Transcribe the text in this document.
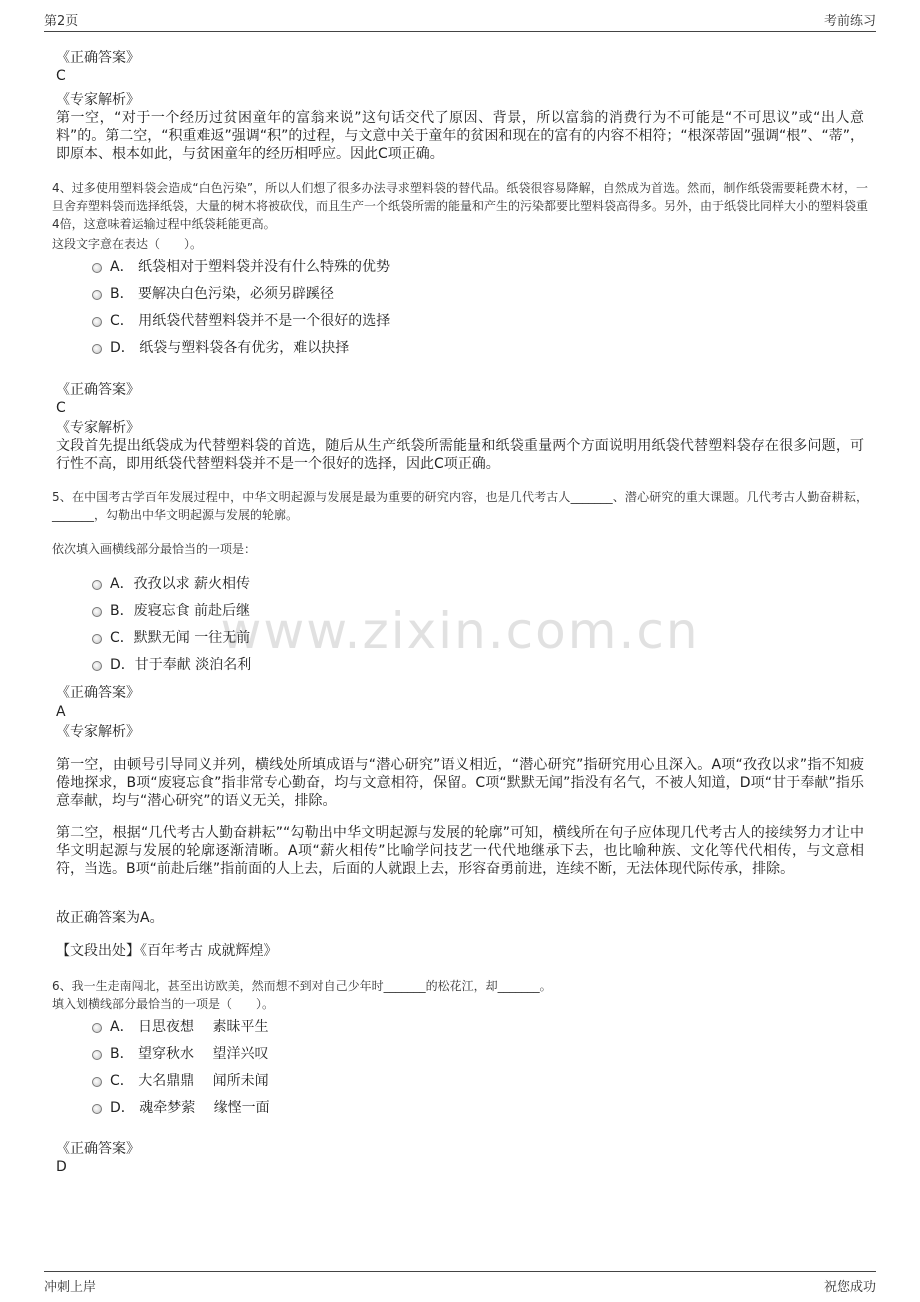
第2页	考前练习
www.zixin.com.cn
《正确答案》
C
《专家解析》

第一空，“对于一个经历过贫困童年的富翁来说”这句话交代了原因、背景，所以富翁的消费行为不可能是“不可思议”或“出人意料”的。第二空，“积重难返”强调“积”的过程，与文意中关于童年的贫困和现在的富有的内容不相符；“根深蒂固”强调“根”、“蒂”，即原本、根本如此，与贫困童年的经历相呼应。因此C项正确。

4、过多使用塑料袋会造成“白色污染”，所以人们想了很多办法寻求塑料袋的替代品。纸袋很容易降解，自然成为首选。然而，制作纸袋需要耗费木材，一旦舍弃塑料袋而选择纸袋，大量的树木将被砍伐，而且生产一个纸袋所需的能量和产生的污染都要比塑料袋高得多。另外，由于纸袋比同样大小的塑料袋重4倍，这意味着运输过程中纸袋耗能更高。

这段文字意在表达（　　）。
A． 纸袋相对于塑料袋并没有什么特殊的优势
B． 要解决白色污染，必须另辟蹊径
C． 用纸袋代替塑料袋并不是一个很好的选择
D． 纸袋与塑料袋各有优劣，难以抉择
《正确答案》
C
《专家解析》

文段首先提出纸袋成为代替塑料袋的首选，随后从生产纸袋所需能量和纸袋重量两个方面说明用纸袋代替塑料袋存在很多问题，可行性不高，即用纸袋代替塑料袋并不是一个很好的选择，因此C项正确。

5、在中国考古学百年发展过程中，中华文明起源与发展是最为重要的研究内容，也是几代考古人_______、潜心研究的重大课题。几代考古人勤奋耕耘，_______，勾勒出中华文明起源与发展的轮廓。

依次填入画横线部分最恰当的一项是：
A．孜孜以求 薪火相传
B．废寝忘食 前赴后继
C．默默无闻 一往无前
D．甘于奉献 淡泊名利
《正确答案》
A
《专家解析》

第一空，由顿号引导同义并列，横线处所填成语与“潜心研究”语义相近，“潜心研究”指研究用心且深入。A项“孜孜以求”指不知疲倦地探求，B项“废寝忘食”指非常专心勤奋，均与文意相符，保留。C项“默默无闻”指没有名气，不被人知道，D项“甘于奉献”指乐意奉献，均与“潜心研究”的语义无关，排除。

第二空，根据“几代考古人勤奋耕耘”“勾勒出中华文明起源与发展的轮廓”可知，横线所在句子应体现几代考古人的接续努力才让中华文明起源与发展的轮廓逐渐清晰。A项“薪火相传”比喻学问技艺一代代地继承下去，也比喻种族、文化等代代相传，与文意相符，当选。B项“前赴后继”指前面的人上去，后面的人就跟上去，形容奋勇前进，连续不断，无法体现代际传承，排除。

故正确答案为A。

【文段出处】《百年考古 成就辉煌》

6、我一生走南闯北，甚至出访欧美，然而想不到对自己少年时_______的松花江，却_______。

填入划横线部分最恰当的一项是（　　）。
A． 日思夜想　 素昧平生
B． 望穿秋水　 望洋兴叹
C． 大名鼎鼎　 闻所未闻
D． 魂牵梦萦　 缘悭一面
《正确答案》
D
冲刺上岸	祝您成功
